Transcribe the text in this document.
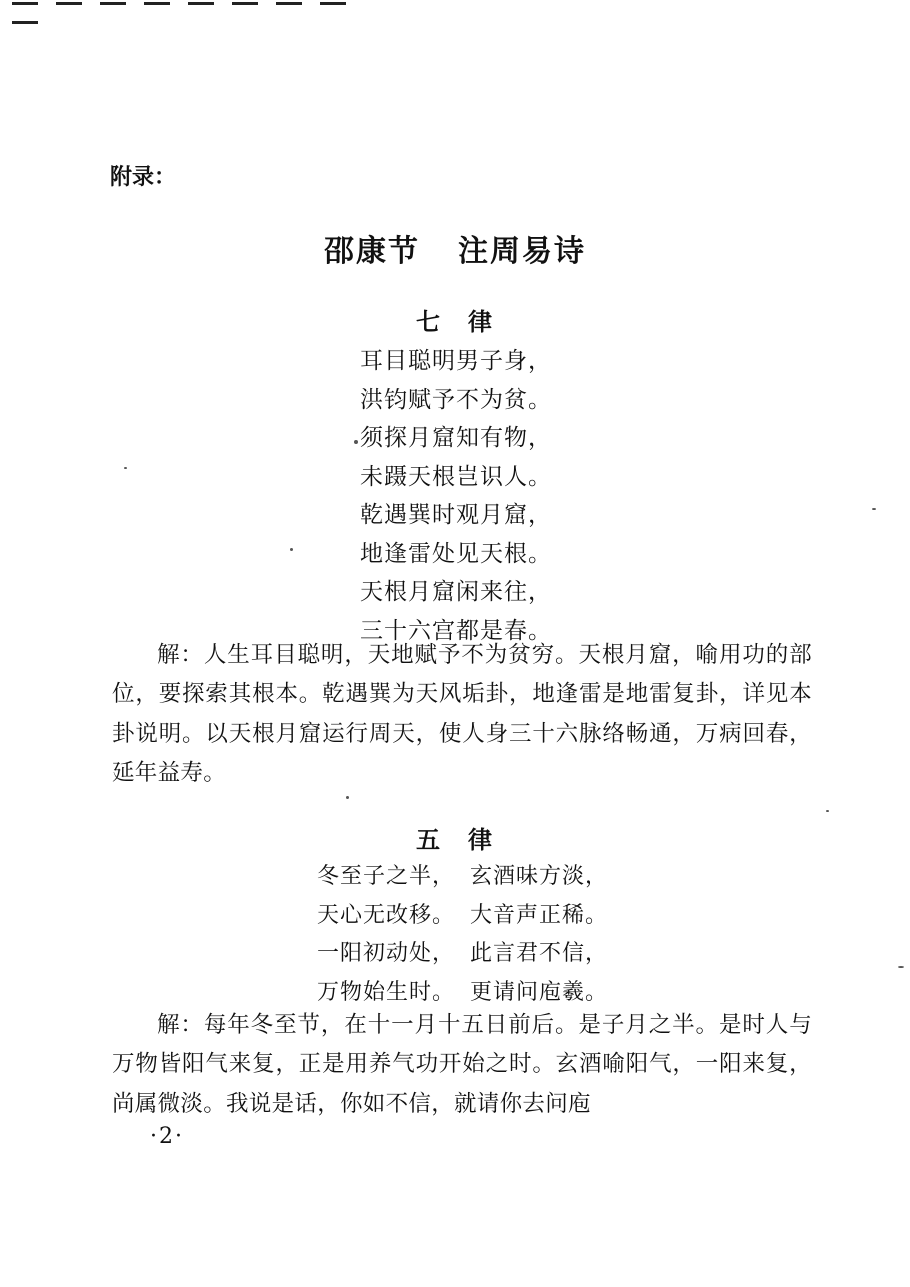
附录：
邵康节 注周易诗
七 律
耳目聪明男子身，
洪钧赋予不为贫。
须探月窟知有物，
未蹑天根岂识人。
乾遇巽时观月窟，
地逢雷处见天根。
天根月窟闲来往，
三十六宫都是春。
解：人生耳目聪明，天地赋予不为贫穷。天根月窟，喻用功的部位，要探索其根本。乾遇巽为天风垢卦，地逢雷是地雷复卦，详见本卦说明。以天根月窟运行周天，使人身三十六脉络畅通，万病回春，延年益寿。
五 律
冬至子之半，
天心无改移。
一阳初动处，
万物始生时。
玄酒味方淡，
大音声正稀。
此言君不信，
更请问庖羲。
解：每年冬至节，在十一月十五日前后。是子月之半。是时人与万物皆阳气来复，正是用养气功开始之时。玄酒喻阳气，一阳来复，尚属微淡。我说是话，你如不信，就请你去问庖
·2·
